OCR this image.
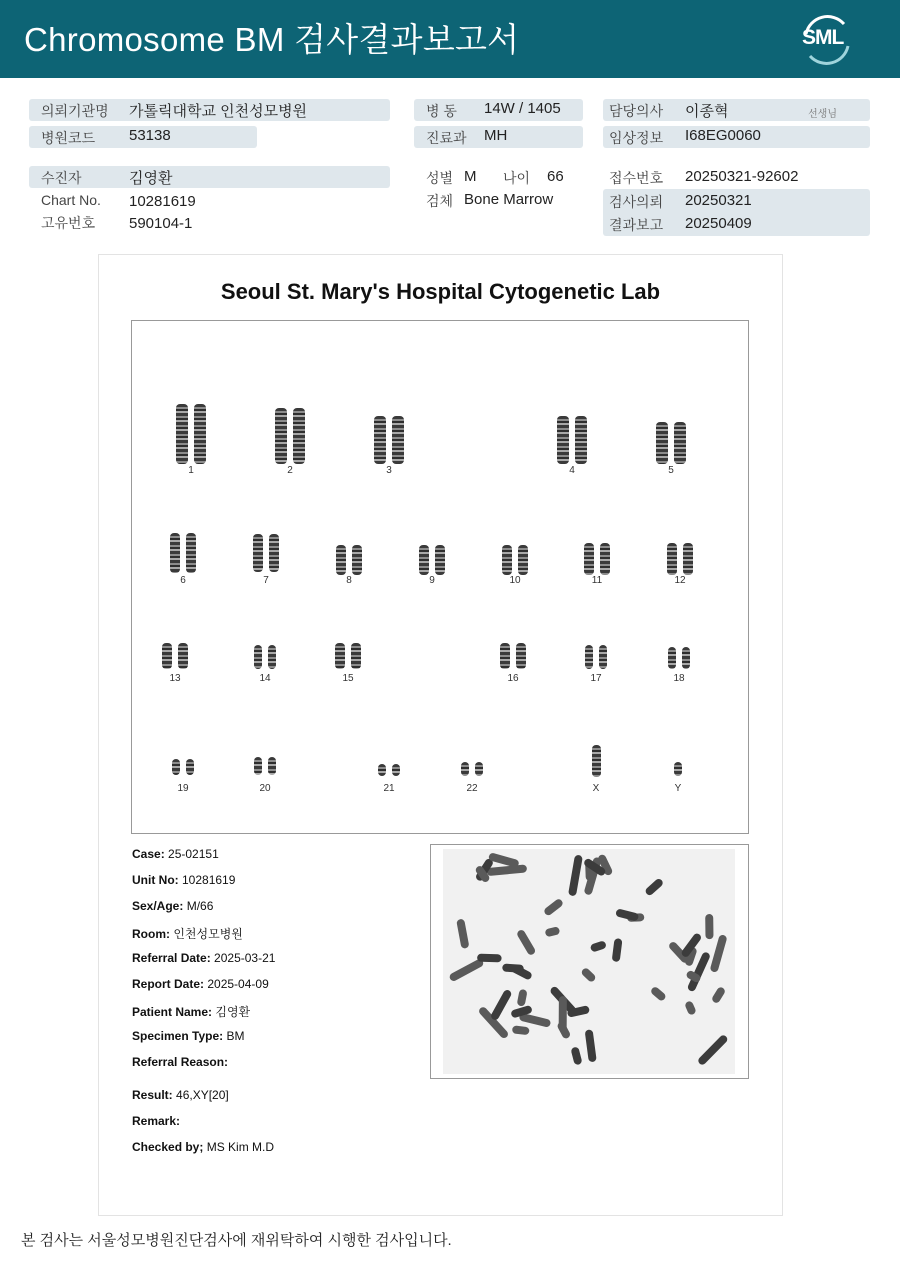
Chromosome BM 검사결과보고서	SML
의뢰기관명 가톨릭대학교 인천성모병원
병원코드 53138
병 동 14W / 1405
진료과 MH
담당의사 이종혁	선생님
임상정보 I68EG0060
수진자	김영환
Chart No. 10281619
고유번호 590104-1
성별 M 나이 66
검체 Bone Marrow
접수번호 20250321-92602
검사의뢰 20250321
결과보고 20250409
Seoul St. Mary's Hospital Cytogenetic Lab
1	2	3	4	5
6	7	8	9	10	11	12
13	14	15	16	17	18
19	20	21	22	X	Y
Case: 25-02151
Unit No: 10281619
Sex/Age: M/66
Room: 인천성모병원
Referral Date: 2025-03-21
Report Date: 2025-04-09
Patient Name: 김영환
Specimen Type: BM
Referral Reason:
Result: 46,XY[20]
Remark:
Checked by; MS Kim M.D
본 검사는 서울성모병원진단검사에 재위탁하여 시행한 검사입니다.
